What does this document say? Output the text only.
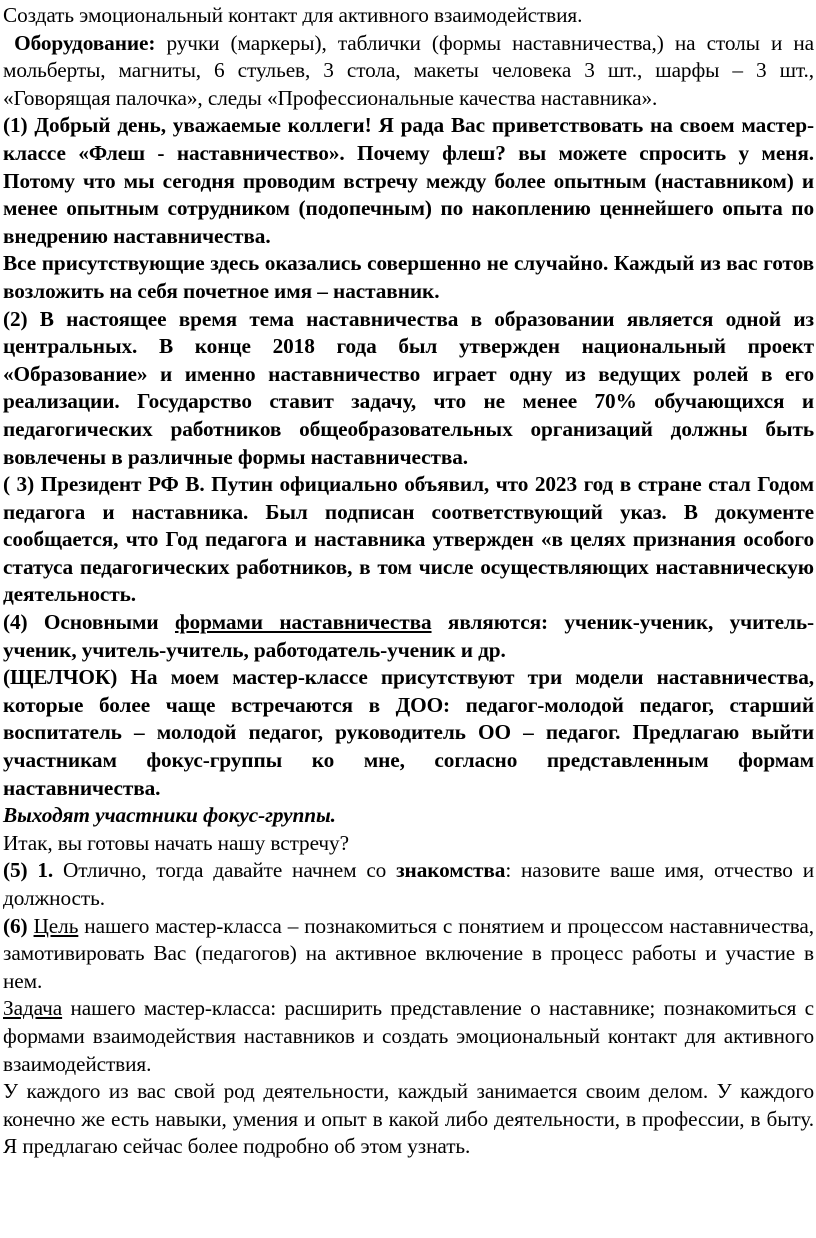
Создать эмоциональный контакт для активного взаимодействия.

Оборудование: ручки (маркеры), таблички (формы наставничества,) на столы и на мольберты, магниты, 6 стульев, 3 стола, макеты человека 3 шт., шарфы – 3 шт., «Говорящая палочка», следы «Профессиональные качества наставника».

(1) Добрый день, уважаемые коллеги! Я рада Вас приветствовать на своем мастер-классе «Флеш - наставничество». Почему флеш? вы можете спросить у меня. Потому что мы сегодня проводим встречу между более опытным (наставником) и менее опытным сотрудником (подопечным) по накоплению ценнейшего опыта по внедрению наставничества.

Все присутствующие здесь оказались совершенно не случайно. Каждый из вас готов возложить на себя почетное имя – наставник.

(2) В настоящее время тема наставничества в образовании является одной из центральных. В конце 2018 года был утвержден национальный проект «Образование» и именно наставничество играет одну из ведущих ролей в его реализации. Государство ставит задачу, что не менее 70% обучающихся и педагогических работников общеобразовательных организаций должны быть вовлечены в различные формы наставничества.

( 3) Президент РФ В. Путин официально объявил, что 2023 год в стране стал Годом педагога и наставника. Был подписан соответствующий указ. В документе сообщается, что Год педагога и наставника утвержден «в целях признания особого статуса педагогических работников, в том числе осуществляющих наставническую деятельность.

(4) Основными формами наставничества являются: ученик-ученик, учитель-ученик, учитель-учитель, работодатель-ученик и др.

(ЩЕЛЧОК) На моем мастер-классе присутствуют три модели наставничества, которые более чаще встречаются в ДОО: педагог-молодой педагог, старший воспитатель – молодой педагог, руководитель ОО – педагог. Предлагаю выйти участникам фокус-группы ко мне, согласно представленным формам наставничества.

Выходят участники фокус-группы.

Итак, вы готовы начать нашу встречу?

(5) 1. Отлично, тогда давайте начнем со знакомства: назовите ваше имя, отчество и должность.

(6) Цель нашего мастер-класса – познакомиться с понятием и процессом наставничества, замотивировать Вас (педагогов) на активное включение в процесс работы и участие в нем.

Задача нашего мастер-класса: расширить представление о наставнике; познакомиться с формами взаимодействия наставников и создать эмоциональный контакт для активного взаимодействия.

У каждого из вас свой род деятельности, каждый занимается своим делом. У каждого конечно же есть навыки, умения и опыт в какой либо деятельности, в профессии, в быту. Я предлагаю сейчас более подробно об этом узнать.
